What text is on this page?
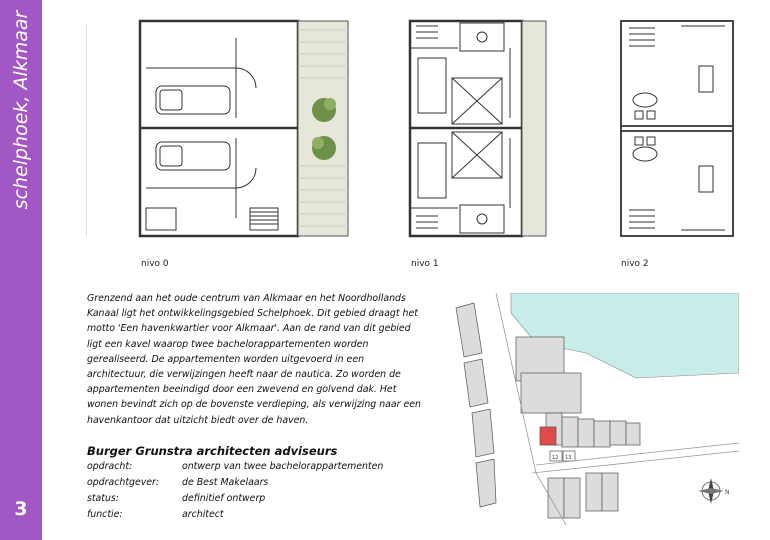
schelphoek, Alkmaar
3
nivo 0	nivo 1	nivo 2

Grenzend aan het oude centrum van Alkmaar en het Noordhollands Kanaal ligt het ontwikkelingsgebied Schelphoek. Dit gebied draagt het motto 'Een havenkwartier voor Alkmaar'. Aan de rand van dit gebied ligt een kavel waarop twee bachelorappartementen worden gerealiseerd. De appartementen worden uitgevoerd in een architectuur, die verwijzingen heeft naar de nautica. Zo worden de appartementen beeindigd door een zwevend en golvend dak. Het wonen bevindt zich op de bovenste verdieping, als verwijzing naar een havenkantoor dat uitzicht biedt over de haven.

Burger Grunstra architecten adviseurs
opdracht:	ontwerp van twee bachelorappartementen
opdrachtgever:	de Best Makelaars
status:	definitief ontwerp
functie:	architect
12 13
N
